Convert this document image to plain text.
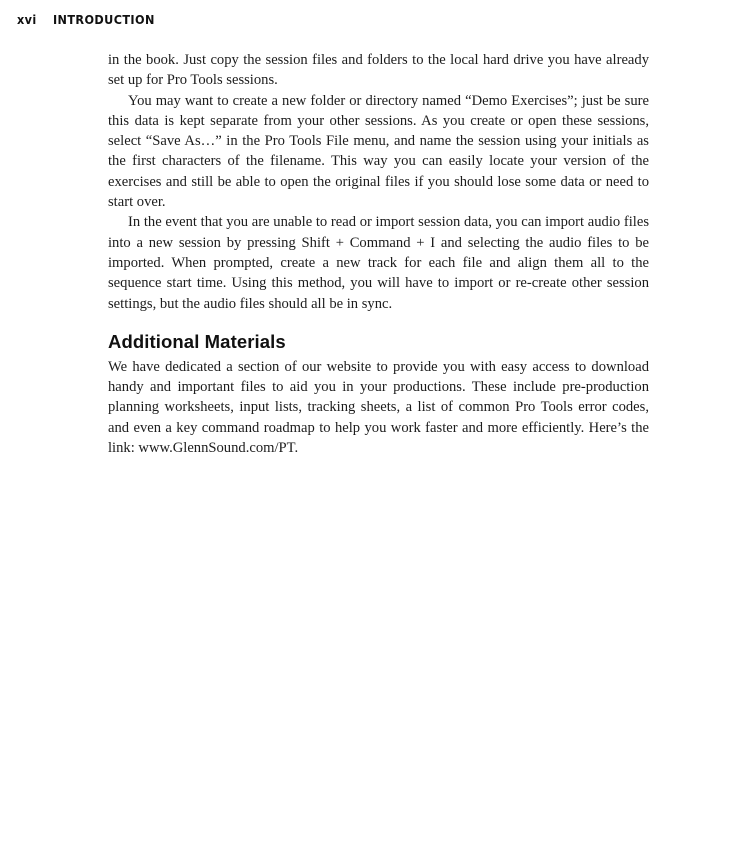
xvi INTRODUCTION

in the book. Just copy the session files and folders to the local hard drive you have already set up for Pro Tools sessions.

You may want to create a new folder or directory named “Demo Exercises”; just be sure this data is kept separate from your other sessions. As you create or open these sessions, select “Save As…” in the Pro Tools File menu, and name the session using your initials as the first characters of the filename. This way you can easily locate your version of the exercises and still be able to open the original files if you should lose some data or need to start over.

In the event that you are unable to read or import session data, you can import audio files into a new session by pressing Shift + Command + I and selecting the audio files to be imported. When prompted, create a new track for each file and align them all to the sequence start time. Using this method, you will have to import or re-create other session settings, but the audio files should all be in sync.

Additional Materials

We have dedicated a section of our website to provide you with easy access to download handy and important files to aid you in your productions. These include pre-production planning worksheets, input lists, tracking sheets, a list of common Pro Tools error codes, and even a key command roadmap to help you work faster and more efficiently. Here’s the link: www.GlennSound.com/PT.
